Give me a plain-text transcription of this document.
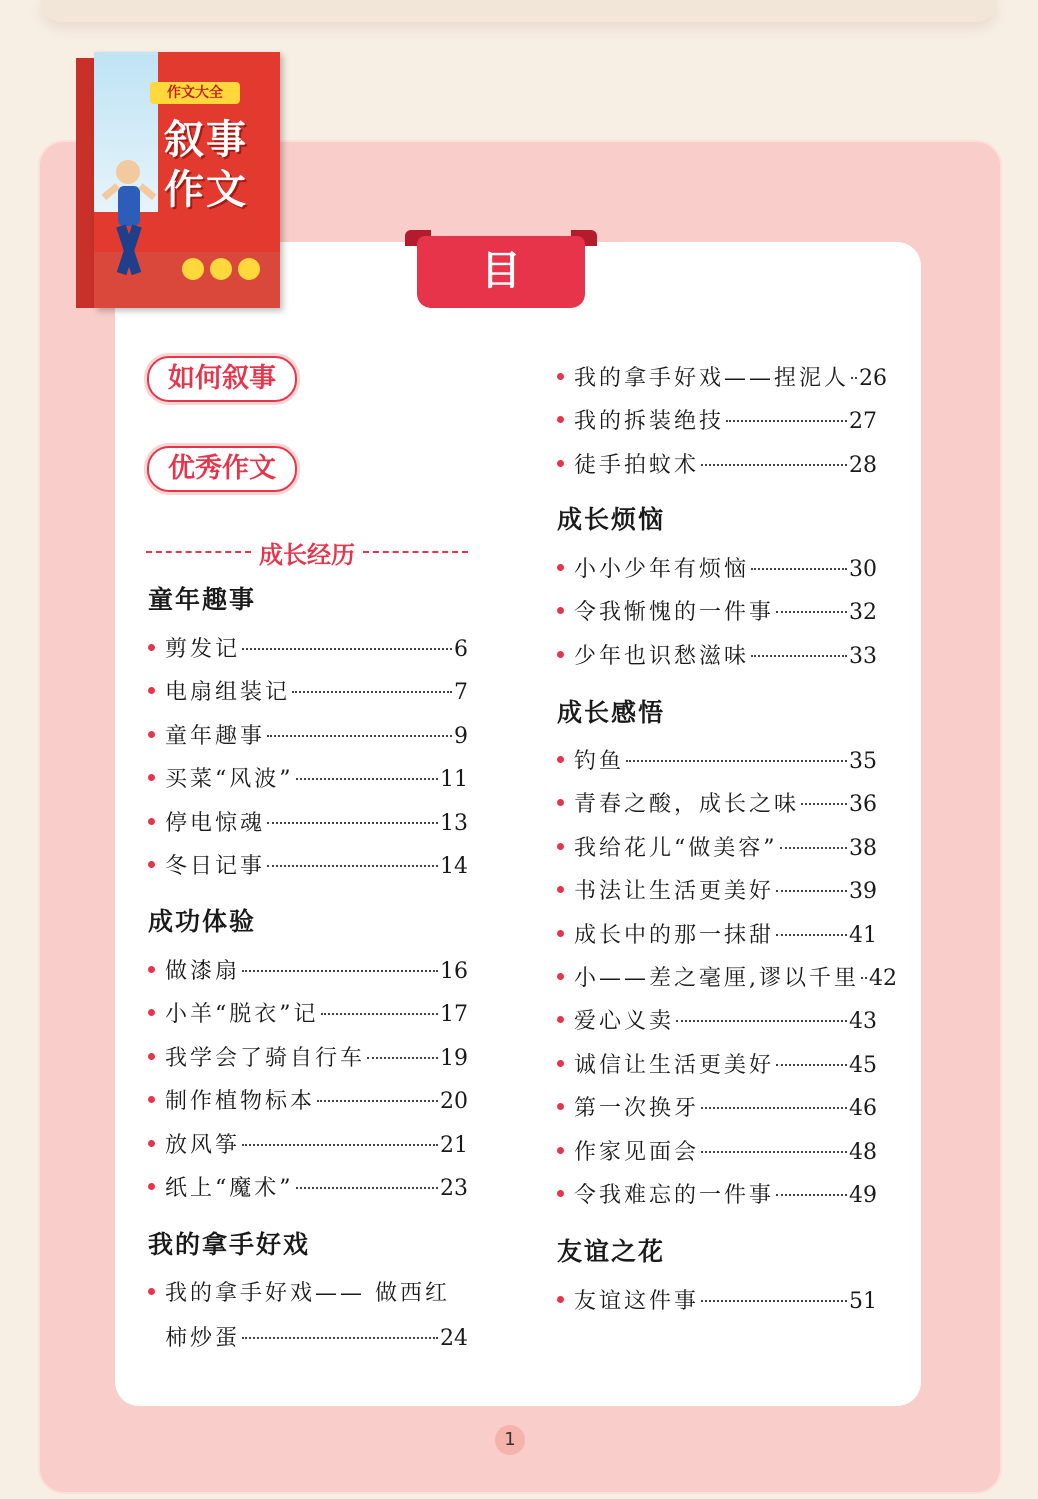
作文大全
叙事
作文
目录
如何叙事
优秀作文
成长经历
童年趣事
剪发记	6
电扇组装记	7
童年趣事	9
买菜“风波”	11
停电惊魂	13
冬日记事	14
成功体验
做漆扇	16
小羊“脱衣”记	17
我学会了骑自行车	19
制作植物标本	20
放风筝	21
纸上“魔术”	23
我的拿手好戏
我的拿手好戏—— 做西红
柿炒蛋	24
我的拿手好戏——捏泥人 26
我的拆装绝技	27
徒手拍蚊术	28
成长烦恼
小小少年有烦恼	30
令我惭愧的一件事	32
少年也识愁滋味	33
成长感悟
钓鱼	35
青春之酸，成长之味 36
我给花儿“做美容”	38
书法让生活更美好	39
成长中的那一抹甜	41
小——差之毫厘,谬以千里 42
爱心义卖	43
诚信让生活更美好	45
第一次换牙	46
作家见面会	48
令我难忘的一件事	49
友谊之花
友谊这件事	51
1
